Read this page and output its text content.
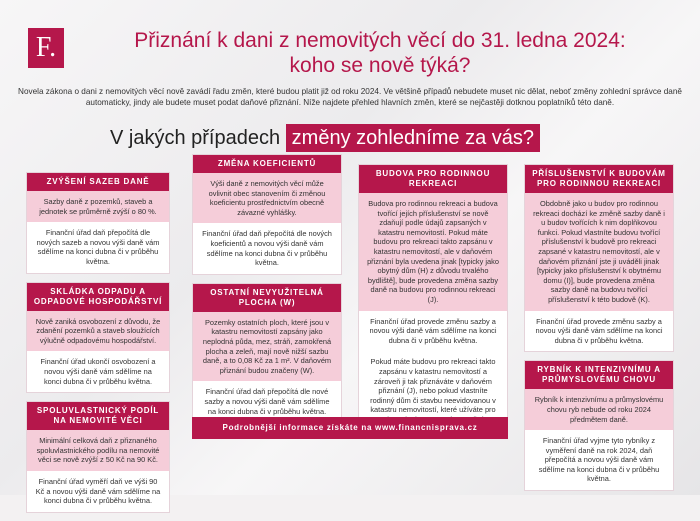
F.	Přiznání k dani z nemovitých věcí do 31. ledna 2024:
koho se nově týká?
Novela zákona o dani z nemovitých věcí nově zavádí řadu změn, které budou platit již od roku 2024. Ve většině případů nebudete muset nic dělat, neboť změny zohlední správce daně automaticky, jindy ale budete muset podat daňové přiznání. Níže najdete přehled hlavních změn, které se nejčastěji dotknou poplatníků této daně.
V jakých případech změny zohledníme za vás?
ZVÝŠENÍ SAZEB DANĚ
Sazby daně z pozemků, staveb a jednotek se průměrně zvýší o 80 %.
Finanční úřad daň přepočítá dle nových sazeb a novou výši daně vám sdělíme na konci dubna či v průběhu května.
SKLÁDKA ODPADU A ODPADOVÉ HOSPODÁŘSTVÍ
Nově zaniká osvobození z důvodu, že zdanění pozemků a staveb sloužících výlučně odpadovému hospodářství.
Finanční úřad ukončí osvobození a novou výši daně vám sdělíme na konci dubna či v průběhu května.
SPOLUVLASTNICKÝ PODÍL NA NEMOVITÉ VĚCI
Minimální celková daň z přiznaného spoluvlastnického podílu na nemovité věci se nově zvýší z 50 Kč na 90 Kč.
Finanční úřad vyměří daň ve výši 90 Kč a novou výši daně vám sdělíme na konci dubna či v průběhu května.
ZMĚNA KOEFICIENTŮ
Výši daně z nemovitých věcí může ovlivnit obec stanovením či změnou koeficientu prostřednictvím obecně závazné vyhlášky.
Finanční úřad daň přepočítá dle nových koeficientů a novou výši daně vám sdělíme na konci dubna či v průběhu května.
OSTATNÍ NEVYUŽITELNÁ PLOCHA (W)
Pozemky ostatních ploch, které jsou v katastru nemovitostí zapsány jako neplodná půda, mez, stráň, zamokřená plocha a zeleň, mají nově nižší sazbu daně, a to 0,08 Kč za 1 m². V daňovém přiznání budou značeny (W).
Finanční úřad daň přepočítá dle nové sazby a novou výši daně vám sdělíme na konci dubna či v průběhu května.
BUDOVA PRO RODINNOU REKREACI
Budova pro rodinnou rekreaci a budova tvořící jejích příslušenství se nově zdaňují podle údajů zapsaných v katastru nemovitostí. Pokud máte budovu pro rekreaci takto zapsánu v katastru nemovitostí, ale v daňovém přiznání byla uvedena jinak [typicky jako obytný dům (H) z důvodu trvalého bydliště], bude provedena změna sazby daně na budovu pro rodinnou rekreaci (J).
Finanční úřad provede změnu sazby a novou výši daně vám sdělíme na konci dubna či v průběhu května.
Pokud máte budovu pro rekreaci takto zapsánu v katastru nemovitostí a zároveň ji tak přiznáváte v daňovém přiznání (J), nebo pokud vlastníte rodinný dům či stavbu neevidovanou v katastru nemovitostí, které užíváte pro
PŘÍSLUŠENSTVÍ K BUDOVÁM PRO RODINNOU REKREACI
Obdobně jako u budov pro rodinnou rekreaci dochází ke změně sazby daně i u budov tvořících k nim doplňkovou funkci. Pokud vlastníte budovu tvořící příslušenství k budově pro rekreaci zapsané v katastru nemovitostí, ale v daňovém přiznání jste ji uváděli jinak [typicky jako příslušenství k obytnému domu (I)], bude provedena změna sazby daně na budovu tvořící příslušenství k této budově (K).
Finanční úřad provede změnu sazby a novou výši daně vám sdělíme na konci dubna či v průběhu května.
RYBNÍK K INTENZIVNÍMU A PRŮMYSLOVÉMU CHOVU
Rybník k intenzivnímu a průmyslovému chovu ryb nebude od roku 2024 předmětem daně.
Finanční úřad vyjme tyto rybníky z vyměření daně na rok 2024, daň přepočítá a novou výši daně vám sdělíme na konci dubna či v průběhu května.
Podrobnější informace získáte na www.financnisprava.cz
